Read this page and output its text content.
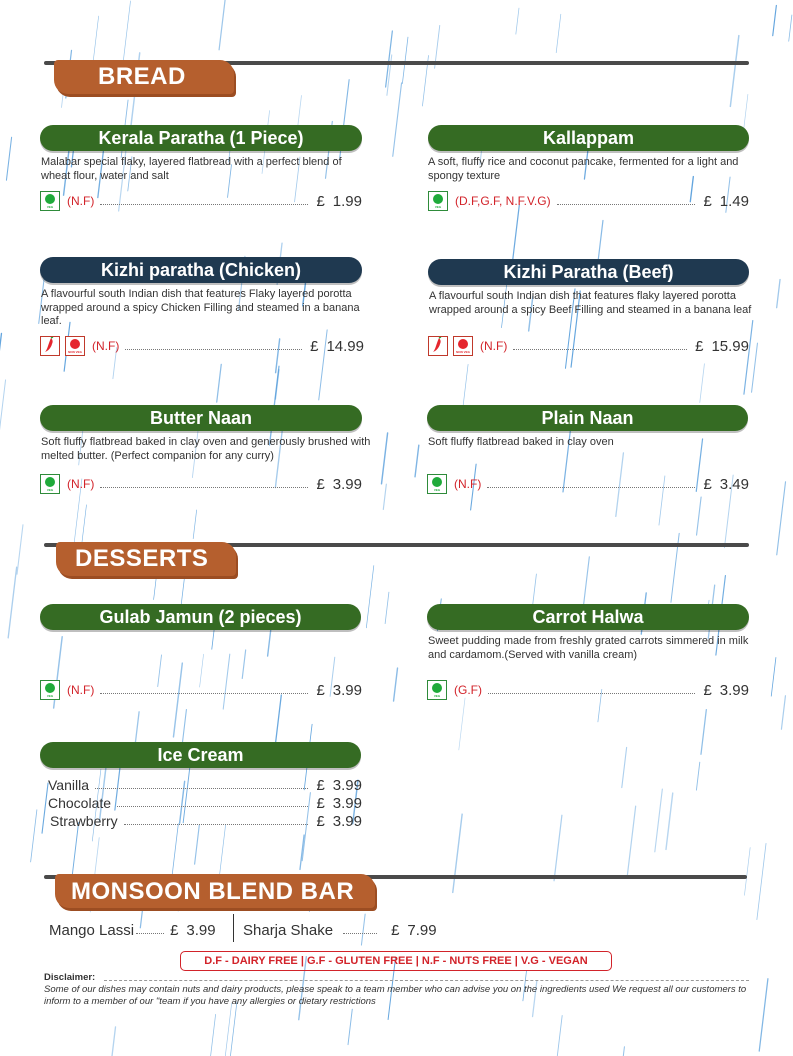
BREAD
Kerala Paratha (1 Piece)
Malabar special flaky, layered flatbread with a perfect blend of wheat flour, water and salt
VEG (N.F)	£ 1.99
Kallappam
A soft, fluffy rice and coconut pancake, fermented for a light and spongy texture
VEG (D.F,G.F, N.F.V.G)	£ 1.49
Kizhi paratha (Chicken)
A flavourful south Indian dish that features Flaky layered porotta wrapped around a spicy Chicken Filling and steamed in a banana leaf.
NON VEG (N.F)	£ 14.99
Kizhi Paratha (Beef)
A flavourful south Indian dish that features flaky layered porotta wrapped around a spicy Beef Filling and steamed in a banana leaf
NON VEG (N.F)	£ 15.99
Butter Naan
Soft fluffy flatbread baked in clay oven and generously brushed with melted butter. (Perfect companion for any curry)
VEG (N.F)	£ 3.99
Plain Naan
Soft fluffy flatbread baked in clay oven
VEG (N.F)	£ 3.49
DESSERTS
Gulab Jamun (2 pieces)
VEG (N.F)	£ 3.99
Carrot Halwa
Sweet pudding made from freshly grated carrots simmered in milk and cardamom.(Served with vanilla cream)
VEG (G.F)	£ 3.99
Ice Cream
Vanilla	£ 3.99
Chocolate	£ 3.99
Strawberry	£ 3.99
MONSOON BLEND BAR
Mango Lassi £ 3.99 Sharja Shake	£ 7.99
D.F - DAIRY FREE | G.F - GLUTEN FREE | N.F - NUTS FREE | V.G - VEGAN
Disclaimer:
Some of our dishes may contain nuts and dairy products, please speak to a team member who can advise you on the ingredients used We request all our customers to inform to a member of our "team if you have any allergies or dietary restrictions
